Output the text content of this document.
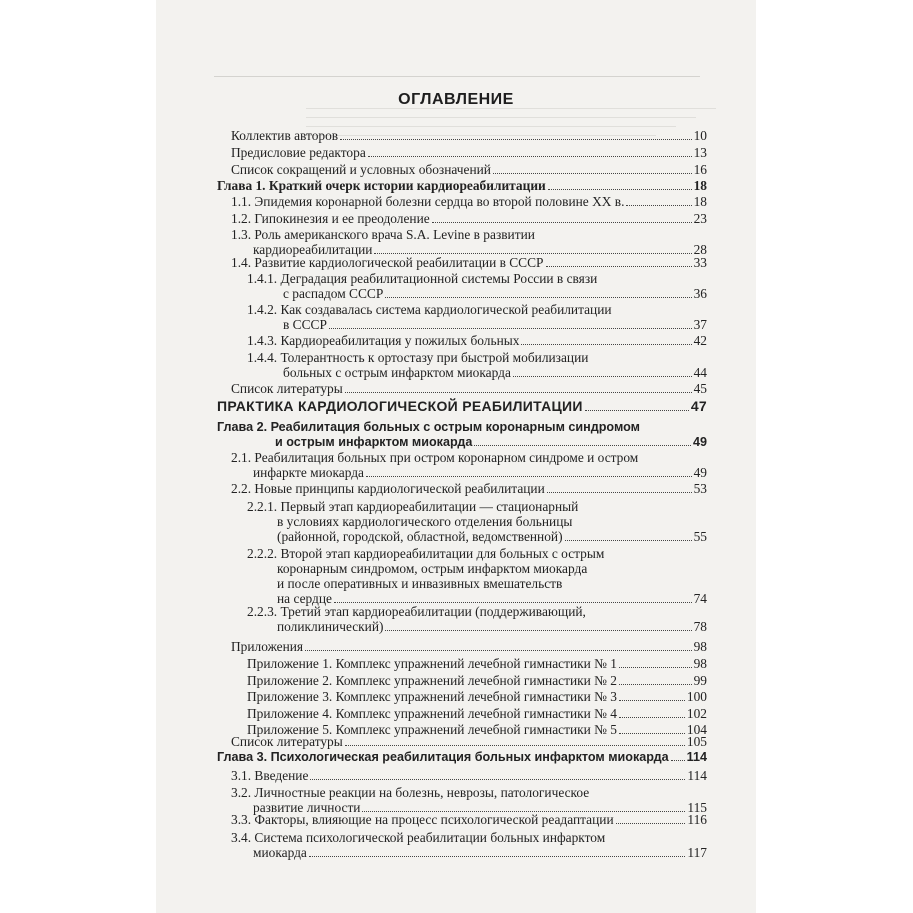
ОГЛАВЛЕНИЕ
Коллектив авторов	10
Предисловие редактора	13
Список сокращений и условных обозначений	16
Глава 1. Краткий очерк истории кардиореабилитации	18
1.1. Эпидемия коронарной болезни сердца во второй половине XX в.	18
1.2. Гипокинезия и ее преодоление	23
1.3. Роль американского врача S.A. Levine в развитии
кардиореабилитации	28
1.4. Развитие кардиологической реабилитации в СССР	33
1.4.1. Деградация реабилитационной системы России в связи
с распадом СССР	36
1.4.2. Как создавалась система кардиологической реабилитации
в СССР	37
1.4.3. Кардиореабилитация у пожилых больных	42
1.4.4. Толерантность к ортостазу при быстрой мобилизации
больных с острым инфарктом миокарда	44
Список литературы	45
ПРАКТИКА КАРДИОЛОГИЧЕСКОЙ РЕАБИЛИТАЦИИ	47
Глава 2. Реабилитация больных с острым коронарным синдромом
и острым инфарктом миокарда	49
2.1. Реабилитация больных при остром коронарном синдроме и остром
инфаркте миокарда	49
2.2. Новые принципы кардиологической реабилитации	53
2.2.1. Первый этап кардиореабилитации — стационарный
в условиях кардиологического отделения больницы
(районной, городской, областной, ведомственной)	55
2.2.2. Второй этап кардиореабилитации для больных с острым
коронарным синдромом, острым инфарктом миокарда
и после оперативных и инвазивных вмешательств
на сердце	74
2.2.3. Третий этап кардиореабилитации (поддерживающий,
поликлинический)	78
Приложения	98
Приложение 1. Комплекс упражнений лечебной гимнастики № 1	98
Приложение 2. Комплекс упражнений лечебной гимнастики № 2	99
Приложение 3. Комплекс упражнений лечебной гимнастики № 3	100
Приложение 4. Комплекс упражнений лечебной гимнастики № 4	102
Приложение 5. Комплекс упражнений лечебной гимнастики № 5	104
Список литературы	105
Глава 3. Психологическая реабилитация больных инфарктом миокарда 114
3.1. Введение	114
3.2. Личностные реакции на болезнь, неврозы, патологическое
развитие личности	115
3.3. Факторы, влияющие на процесс психологической реадаптации	116
3.4. Система психологической реабилитации больных инфарктом
миокарда	117
